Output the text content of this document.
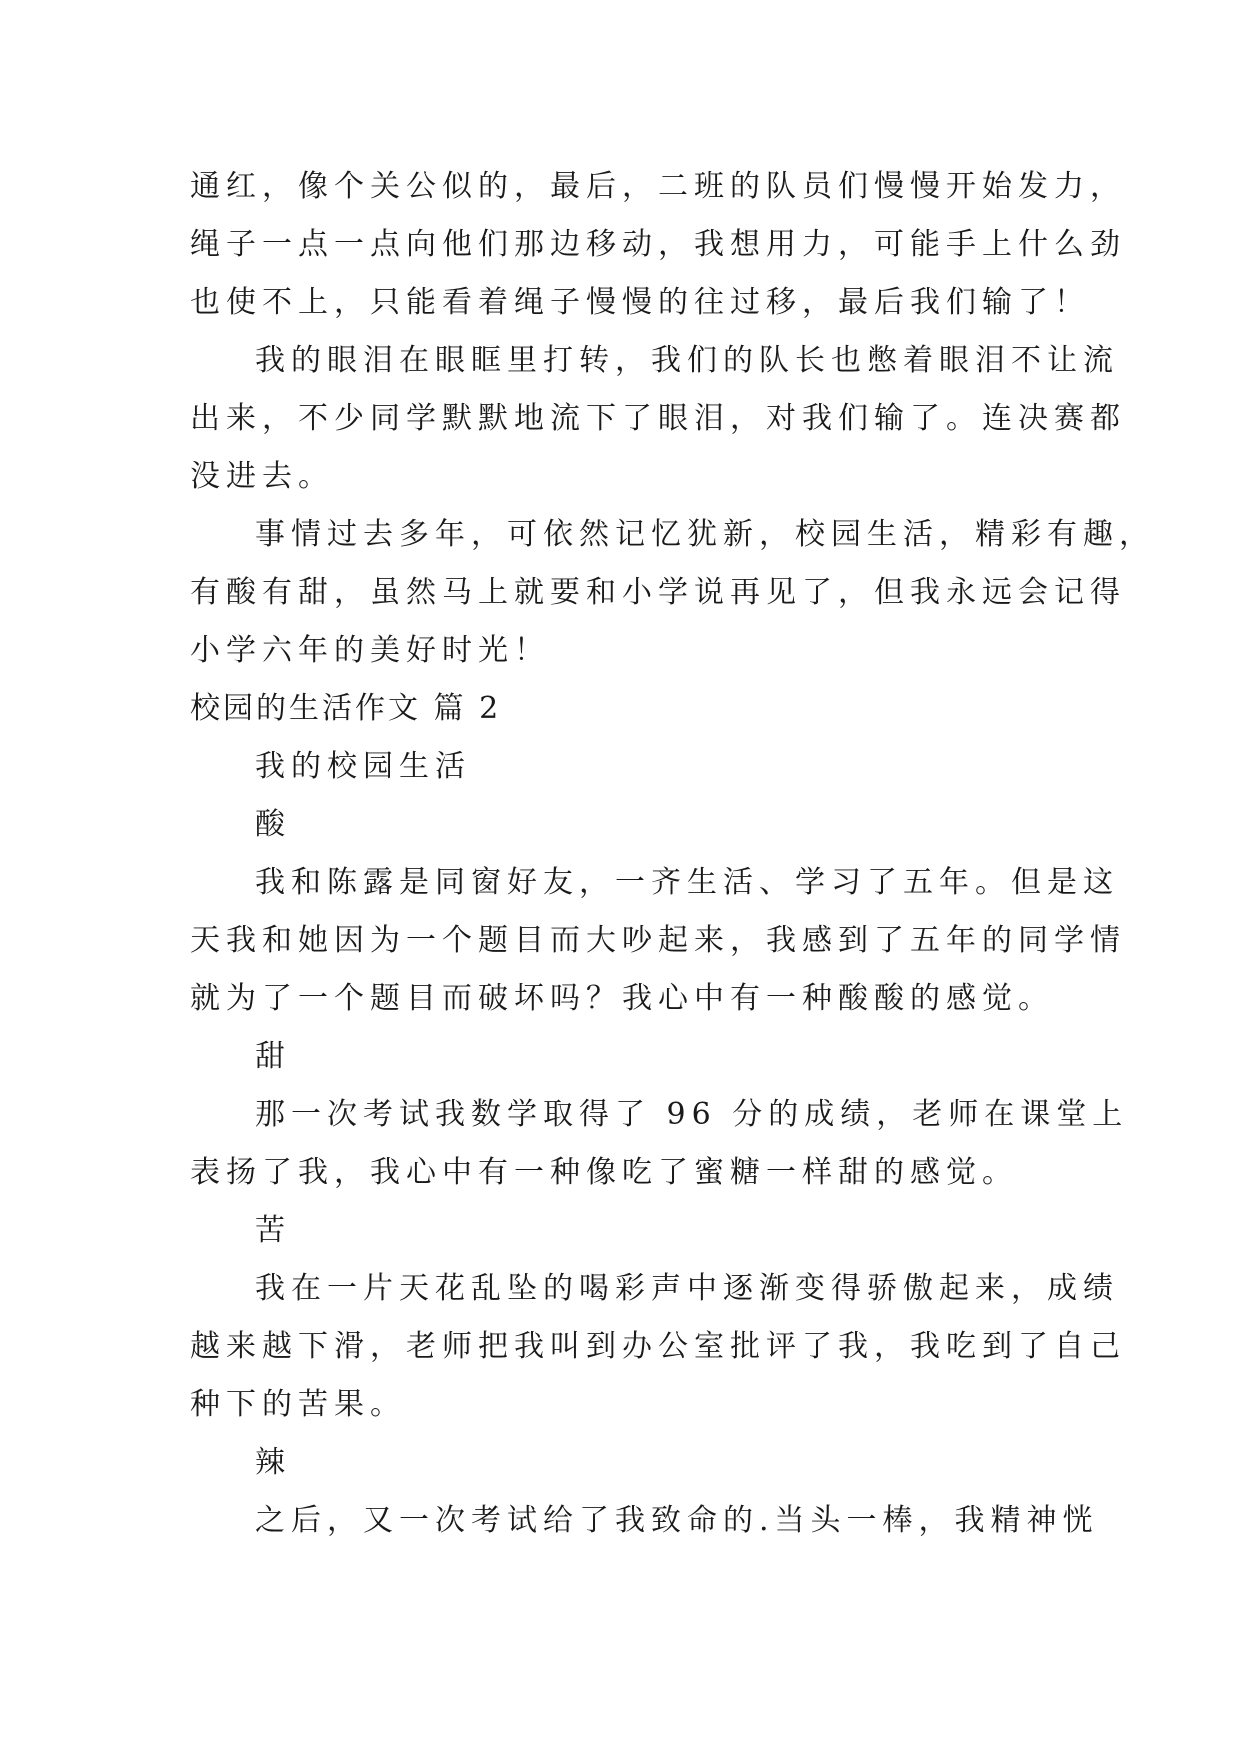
通红，像个关公似的，最后，二班的队员们慢慢开始发力，
绳子一点一点向他们那边移动，我想用力，可能手上什么劲
也使不上，只能看着绳子慢慢的往过移，最后我们输了！
我的眼泪在眼眶里打转，我们的队长也憋着眼泪不让流
出来，不少同学默默地流下了眼泪，对我们输了。连决赛都
没进去。
事情过去多年，可依然记忆犹新，校园生活，精彩有趣，
有酸有甜，虽然马上就要和小学说再见了，但我永远会记得
小学六年的美好时光！
校园的生活作文 篇 2
我的校园生活
酸
我和陈露是同窗好友，一齐生活、学习了五年。但是这
天我和她因为一个题目而大吵起来，我感到了五年的同学情
就为了一个题目而破坏吗？我心中有一种酸酸的感觉。
甜
那一次考试我数学取得了 96 分的成绩，老师在课堂上
表扬了我，我心中有一种像吃了蜜糖一样甜的感觉。
苦
我在一片天花乱坠的喝彩声中逐渐变得骄傲起来，成绩
越来越下滑，老师把我叫到办公室批评了我，我吃到了自己
种下的苦果。
辣
之后，又一次考试给了我致命的.当头一棒，我精神恍
